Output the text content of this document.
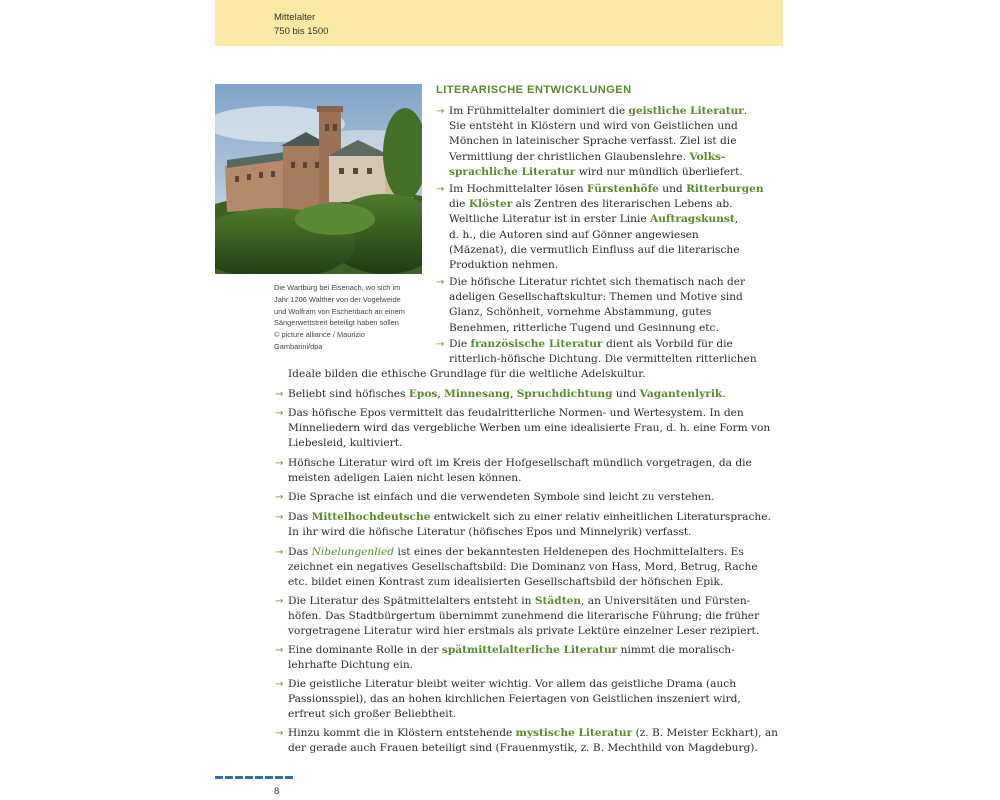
Mittelalter
750 bis 1500
Die Wartburg bei Eisenach, wo sich im
Jahr 1206 Walther von der Vogelweide
und Wolfram von Eschenbach an einem
Sängerwettstreit beteiligt haben sollen
© picture alliance / Maurizio
Gambarini/dpa
LITERARISCHE ENTWICKLUNGEN
→ Im Frühmittelalter dominiert die geistliche Literatur.
Sie entsteht in Klöstern und wird von Geistlichen und
Mönchen in lateinischer Sprache verfasst. Ziel ist die
Vermittlung der christlichen Glaubenslehre. Volks-
sprachliche Literatur wird nur mündlich überliefert.
→ Im Hochmittelalter lösen Fürstenhöfe und Ritterburgen
die Klöster als Zentren des literarischen Lebens ab.
Weltliche Literatur ist in erster Linie Auftragskunst,
d. h., die Autoren sind auf Gönner angewiesen
(Mäzenat), die vermutlich Einfluss auf die literarische
Produktion nehmen.
→ Die höfische Literatur richtet sich thematisch nach der
adeligen Gesellschaftskultur: Themen und Motive sind
Glanz, Schönheit, vornehme Abstammung, gutes
Benehmen, ritterliche Tugend und Gesinnung etc.
→ Die französische Literatur dient als Vorbild für die
ritterlich-höfische Dichtung. Die vermittelten ritterlichen
Ideale bilden die ethische Grundlage für die weltliche Adelskultur.
→ Beliebt sind höfisches Epos, Minnesang, Spruchdichtung und Vagantenlyrik.
→ Das höfische Epos vermittelt das feudalritterliche Normen- und Wertesystem. In den
Minneliedern wird das vergebliche Werben um eine idealisierte Frau, d. h. eine Form von
Liebesleid, kultiviert.
→ Höfische Literatur wird oft im Kreis der Hofgesellschaft mündlich vorgetragen, da die
meisten adeligen Laien nicht lesen können.
→ Die Sprache ist einfach und die verwendeten Symbole sind leicht zu verstehen.
→ Das Mittelhochdeutsche entwickelt sich zu einer relativ einheitlichen Literatursprache.
In ihr wird die höfische Literatur (höfisches Epos und Minnelyrik) verfasst.
→ Das Nibelungenlied ist eines der bekanntesten Heldenepen des Hochmittelalters. Es
zeichnet ein negatives Gesellschaftsbild: Die Dominanz von Hass, Mord, Betrug, Rache
etc. bildet einen Kontrast zum idealisierten Gesellschaftsbild der höfischen Epik.
→ Die Literatur des Spätmittelalters entsteht in Städten, an Universitäten und Fürsten-
höfen. Das Stadtbürgertum übernimmt zunehmend die literarische Führung; die früher
vorgetragene Literatur wird hier erstmals als private Lektüre einzelner Leser rezipiert.
→ Eine dominante Rolle in der spätmittelalterliche Literatur nimmt die moralisch-
lehrhafte Dichtung ein.
→ Die geistliche Literatur bleibt weiter wichtig. Vor allem das geistliche Drama (auch
Passionsspiel), das an hohen kirchlichen Feiertagen von Geistlichen inszeniert wird,
erfreut sich großer Beliebtheit.
→ Hinzu kommt die in Klöstern entstehende mystische Literatur (z. B. Meister Eckhart), an
der gerade auch Frauen beteiligt sind (Frauenmystik, z. B. Mechthild von Magdeburg).
8
